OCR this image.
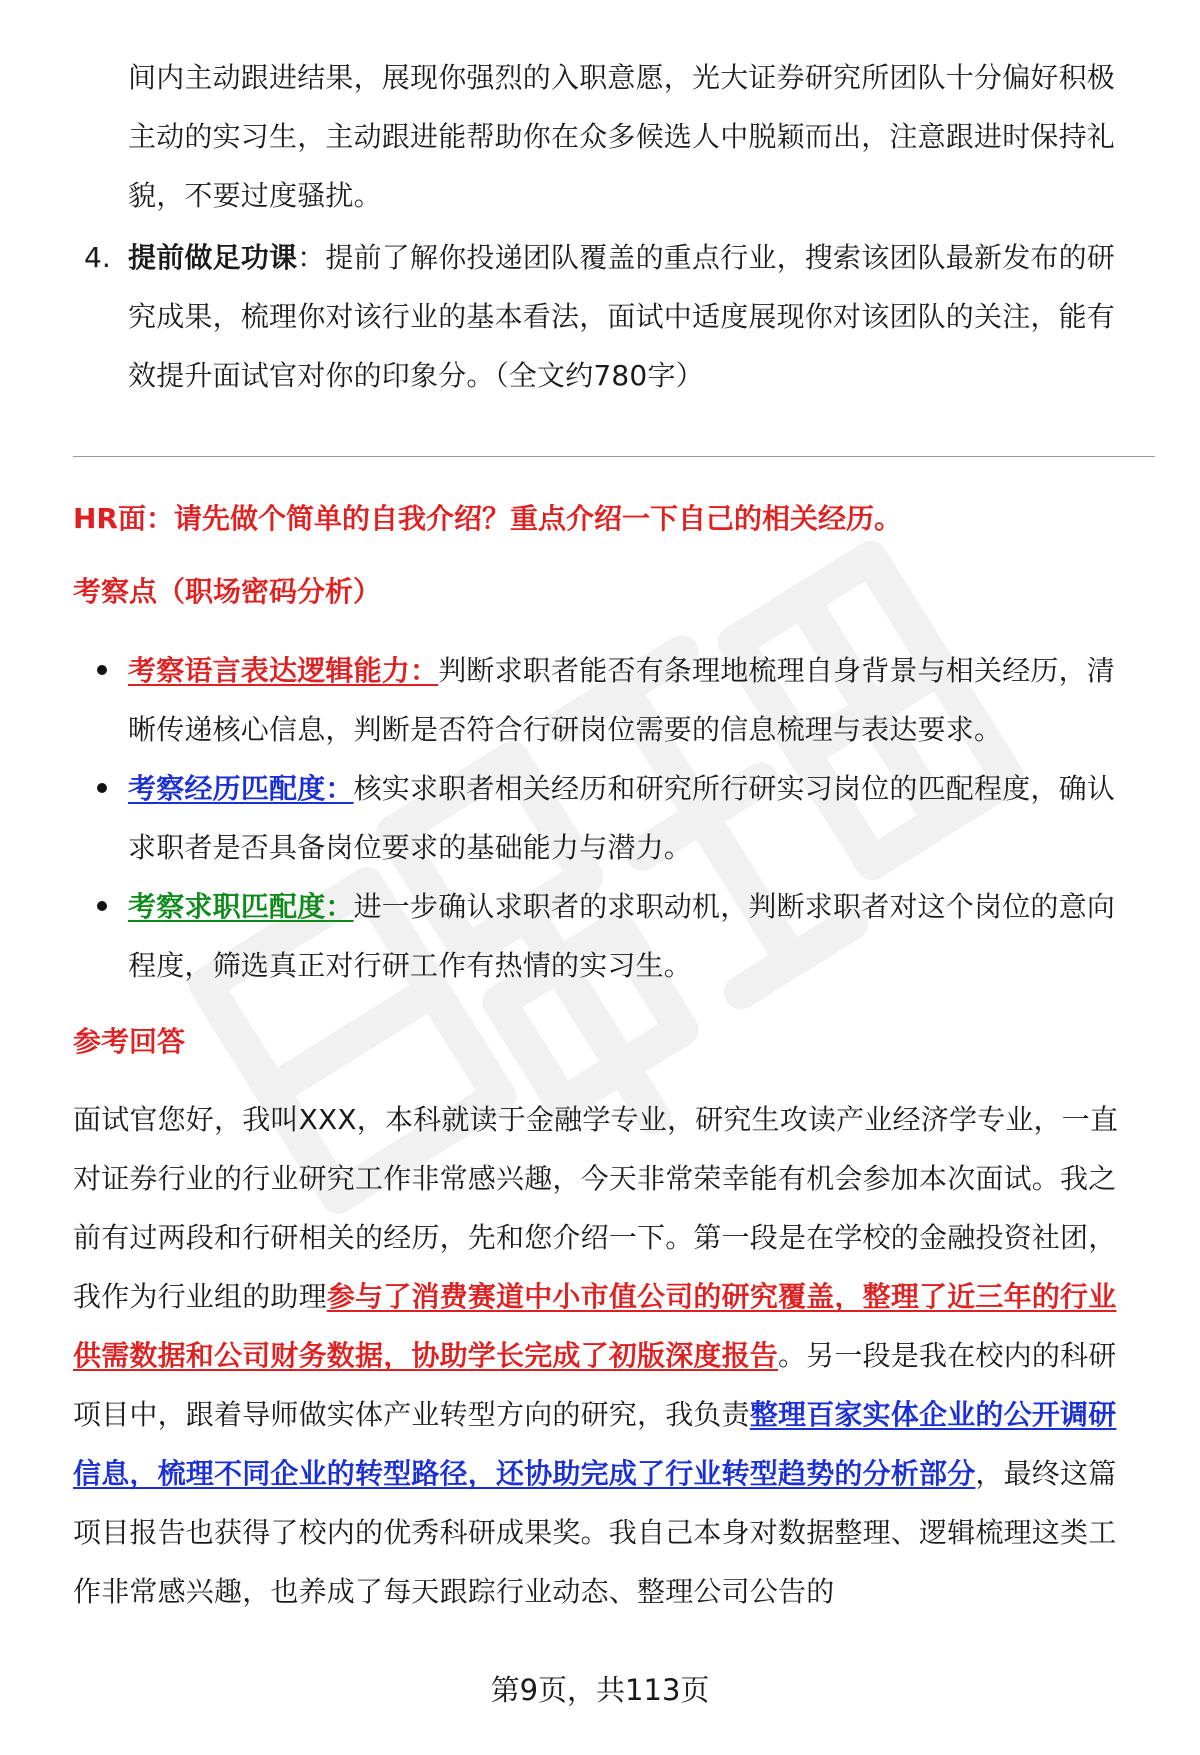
间内主动跟进结果，展现你强烈的入职意愿，光大证券研究所团队十分偏好积极主动的实习生，主动跟进能帮助你在众多候选人中脱颖而出，注意跟进时保持礼貌，不要过度骚扰。

4. 提前做足功课：提前了解你投递团队覆盖的重点行业，搜索该团队最新发布的研究成果，梳理你对该行业的基本看法，面试中适度展现你对该团队的关注，能有效提升面试官对你的印象分。（全文约780字）

HR面：请先做个简单的自我介绍？重点介绍一下自己的相关经历。

考察点（职场密码分析）

考察语言表达逻辑能力：判断求职者能否有条理地梳理自身背景与相关经历，清晰传递核心信息，判断是否符合行研岗位需要的信息梳理与表达要求。

考察经历匹配度：核实求职者相关经历和研究所行研实习岗位的匹配程度，确认求职者是否具备岗位要求的基础能力与潜力。

考察求职匹配度：进一步确认求职者的求职动机，判断求职者对这个岗位的意向程度，筛选真正对行研工作有热情的实习生。

参考回答

面试官您好，我叫XXX，本科就读于金融学专业，研究生攻读产业经济学专业，一直对证券行业的行业研究工作非常感兴趣，今天非常荣幸能有机会参加本次面试。我之前有过两段和行研相关的经历，先和您介绍一下。第一段是在学校的金融投资社团，我作为行业组的助理参与了消费赛道中小市值公司的研究覆盖，整理了近三年的行业供需数据和公司财务数据，协助学长完成了初版深度报告。另一段是我在校内的科研项目中，跟着导师做实体产业转型方向的研究，我负责整理百家实体企业的公开调研信息，梳理不同企业的转型路径，还协助完成了行业转型趋势的分析部分，最终这篇项目报告也获得了校内的优秀科研成果奖。我自己本身对数据整理、逻辑梳理这类工作非常感兴趣，也养成了每天跟踪行业动态、整理公司公告的

第9页，共113页
